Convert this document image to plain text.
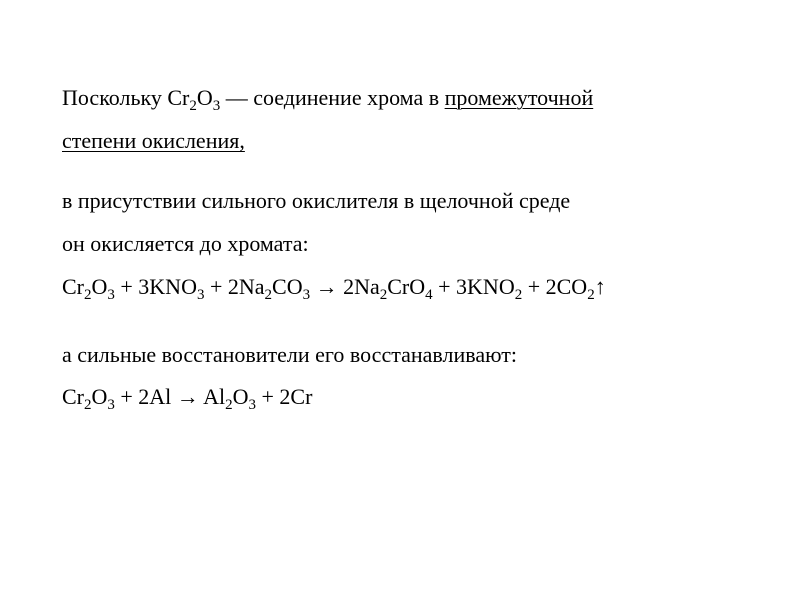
Поскольку $Cr_2O_3$ — соединение хрома в промежуточной
степени окисления,
в присутствии сильного окислителя в щелочной среде
он окисляется до хромата:
$Cr_2O_3 + 3KNO_3 + 2Na_2CO_3 \to 2Na_2CrO_4 + 3KNO_2$ + $2CO_2↑$
а сильные восстановители его восстанавливают:
$Cr_2O_3 + 2Al \to Al_2O_3 + 2Cr$
